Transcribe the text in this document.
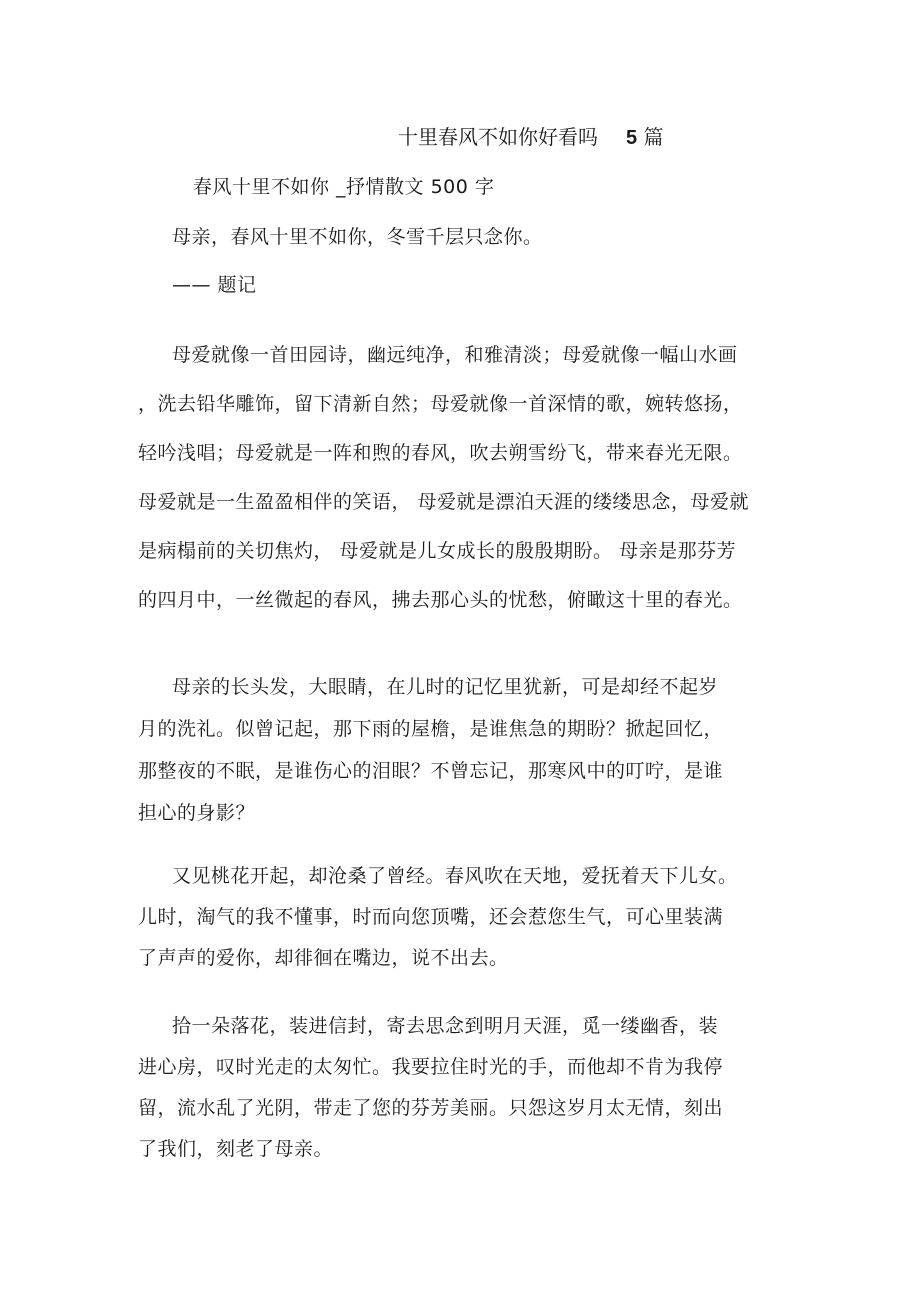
十里春风不如你好看吗 5 篇
春风十里不如你 _抒情散文 500 字
母亲，春风十里不如你，冬雪千层只念你。
—— 题记
母爱就像一首田园诗，幽远纯净，和雅清淡；母爱就像一幅山水画
，洗去铅华雕饰，留下清新自然；母爱就像一首深情的歌，婉转悠扬，
轻吟浅唱；母爱就是一阵和煦的春风，吹去朔雪纷飞，带来春光无限。
母爱就是一生盈盈相伴的笑语， 母爱就是漂泊天涯的缕缕思念，母爱就
是病榻前的关切焦灼， 母爱就是儿女成长的殷殷期盼。 母亲是那芬芳
的四月中，一丝微起的春风，拂去那心头的忧愁，俯瞰这十里的春光。
母亲的长头发，大眼睛，在儿时的记忆里犹新，可是却经不起岁
月的洗礼。似曾记起，那下雨的屋檐，是谁焦急的期盼？掀起回忆，
那整夜的不眠，是谁伤心的泪眼？不曾忘记，那寒风中的叮咛，是谁
担心的身影？
又见桃花开起，却沧桑了曾经。春风吹在天地，爱抚着天下儿女。
儿时，淘气的我不懂事，时而向您顶嘴，还会惹您生气，可心里装满
了声声的爱你，却徘徊在嘴边，说不出去。
拾一朵落花，装进信封，寄去思念到明月天涯，觅一缕幽香，装
进心房，叹时光走的太匆忙。我要拉住时光的手，而他却不肯为我停
留，流水乱了光阴，带走了您的芬芳美丽。只怨这岁月太无情，刻出
了我们，刻老了母亲。
